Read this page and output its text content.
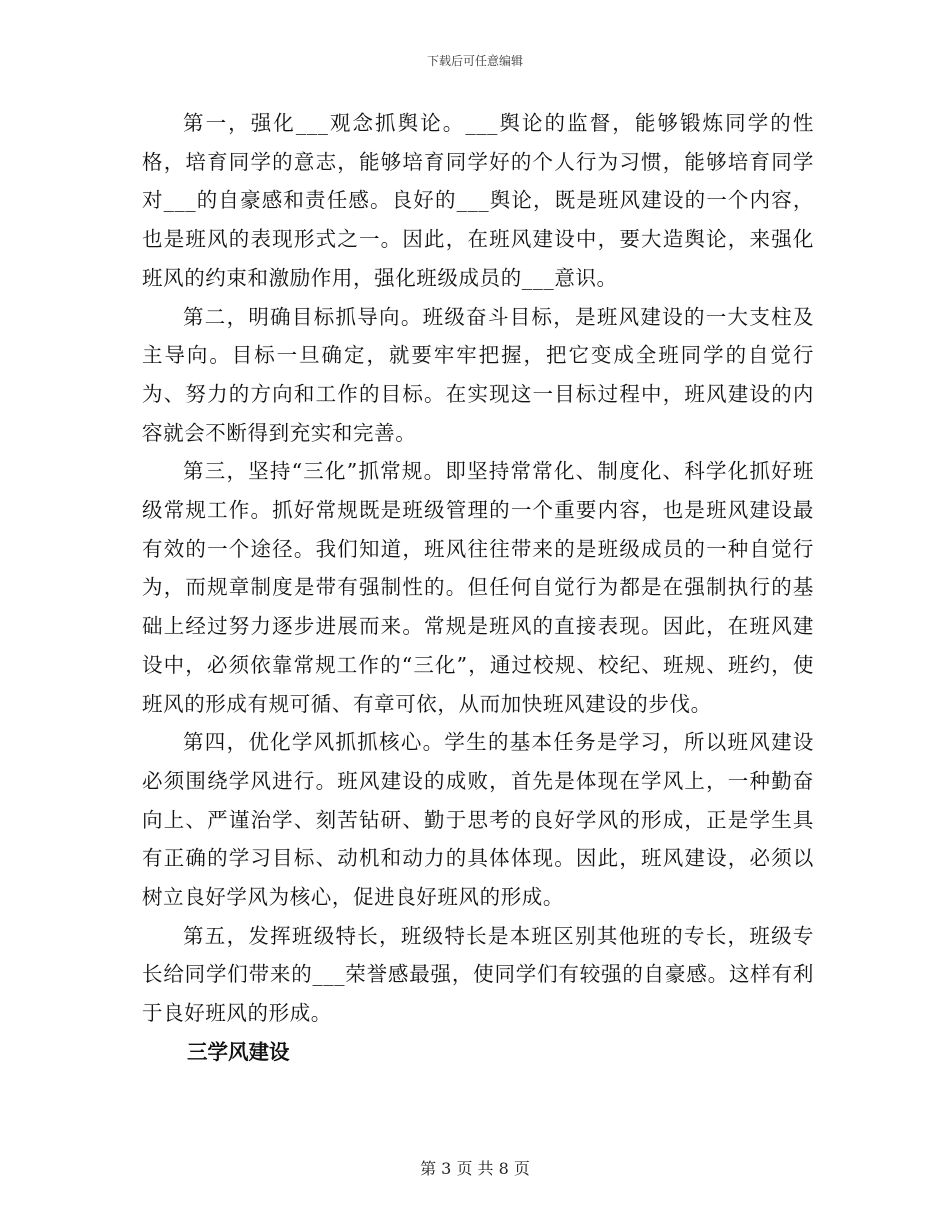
下载后可任意编辑

第一，强化___观念抓舆论。___舆论的监督，能够锻炼同学的性格，培育同学的意志，能够培育同学好的个人行为习惯，能够培育同学对___的自豪感和责任感。良好的___舆论，既是班风建设的一个内容，也是班风的表现形式之一。因此，在班风建设中，要大造舆论，来强化班风的约束和激励作用，强化班级成员的___意识。

第二，明确目标抓导向。班级奋斗目标，是班风建设的一大支柱及主导向。目标一旦确定，就要牢牢把握，把它变成全班同学的自觉行为、努力的方向和工作的目标。在实现这一目标过程中，班风建设的内容就会不断得到充实和完善。

第三，坚持“三化”抓常规。即坚持常常化、制度化、科学化抓好班级常规工作。抓好常规既是班级管理的一个重要内容，也是班风建设最有效的一个途径。我们知道，班风往往带来的是班级成员的一种自觉行为，而规章制度是带有强制性的。但任何自觉行为都是在强制执行的基础上经过努力逐步进展而来。常规是班风的直接表现。因此，在班风建设中，必须依靠常规工作的“三化”，通过校规、校纪、班规、班约，使班风的形成有规可循、有章可依，从而加快班风建设的步伐。

第四，优化学风抓抓核心。学生的基本任务是学习，所以班风建设必须围绕学风进行。班风建设的成败，首先是体现在学风上，一种勤奋向上、严谨治学、刻苦钻研、勤于思考的良好学风的形成，正是学生具有正确的学习目标、动机和动力的具体体现。因此，班风建设，必须以树立良好学风为核心，促进良好班风的形成。

第五，发挥班级特长，班级特长是本班区别其他班的专长，班级专长给同学们带来的___荣誉感最强，使同学们有较强的自豪感。这样有利于良好班风的形成。

三学风建设

第 3 页 共 8 页
